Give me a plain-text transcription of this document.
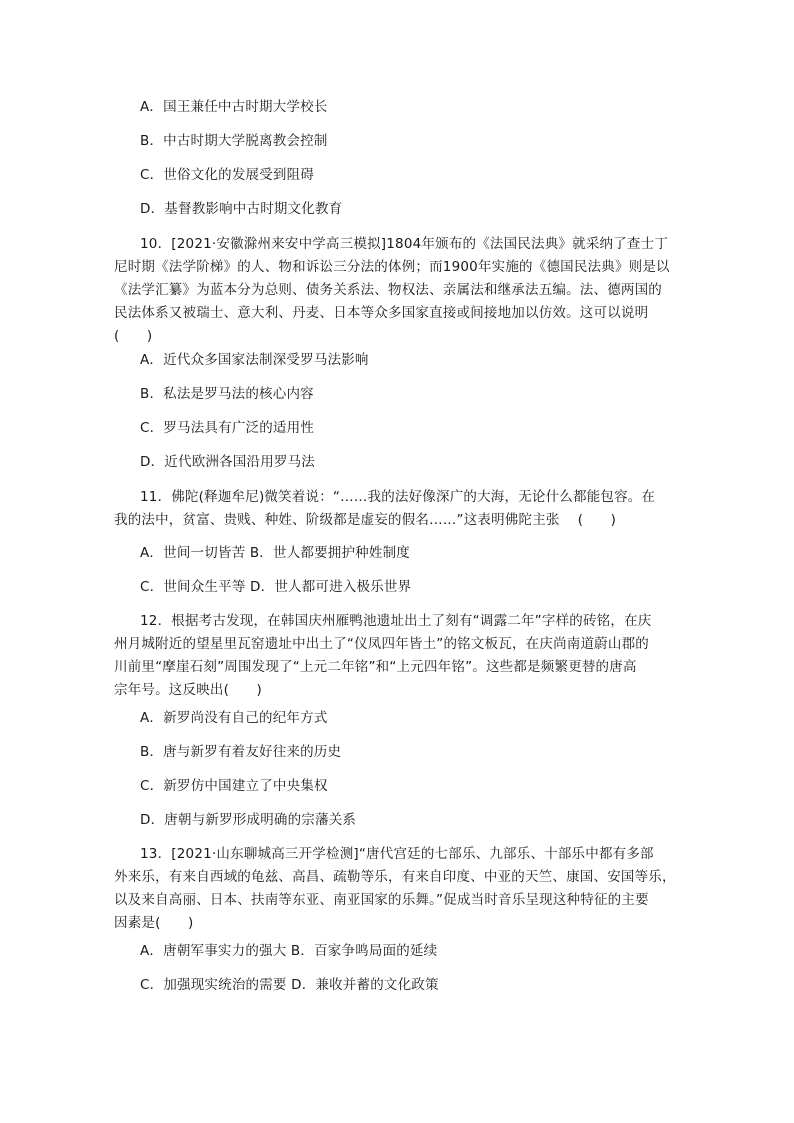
A．国王兼任中古时期大学校长
B．中古时期大学脱离教会控制
C．世俗文化的发展受到阻碍
D．基督教影响中古时期文化教育
10．[2021·安徽滁州来安中学高三模拟]1804年颁布的《法国民法典》就采纳了查士丁
尼时期《法学阶梯》的人、物和诉讼三分法的体例；而1900年实施的《德国民法典》则是以
《法学汇纂》为蓝本分为总则、债务关系法、物权法、亲属法和继承法五编。法、德两国的
民法体系又被瑞士、意大利、丹麦、日本等众多国家直接或间接地加以仿效。这可以说明
(　　)
A．近代众多国家法制深受罗马法影响
B．私法是罗马法的核心内容
C．罗马法具有广泛的适用性
D．近代欧洲各国沿用罗马法
11．佛陀(释迦牟尼)微笑着说：“……我的法好像深广的大海，无论什么都能包容。在
我的法中，贫富、贵贱、种姓、阶级都是虚妄的假名……”这表明佛陀主张　 (　　)
A．世间一切皆苦 B．世人都要拥护种姓制度
C．世间众生平等 D．世人都可进入极乐世界
12．根据考古发现，在韩国庆州雁鸭池遗址出土了刻有“调露二年”字样的砖铭，在庆
州月城附近的望星里瓦窑遗址中出土了“仪凤四年皆土”的铭文板瓦，在庆尚南道蔚山郡的
川前里“摩崖石刻”周围发现了“上元二年铭”和“上元四年铭”。这些都是频繁更替的唐高
宗年号。这反映出(　　)
A．新罗尚没有自己的纪年方式
B．唐与新罗有着友好往来的历史
C．新罗仿中国建立了中央集权
D．唐朝与新罗形成明确的宗藩关系
13．[2021·山东聊城高三开学检测]“唐代宫廷的七部乐、九部乐、十部乐中都有多部
外来乐，有来自西域的龟兹、高昌、疏勒等乐，有来自印度、中亚的天竺、康国、安国等乐，
以及来自高丽、日本、扶南等东亚、南亚国家的乐舞。”促成当时音乐呈现这种特征的主要
因素是(　　)
A．唐朝军事实力的强大 B．百家争鸣局面的延续
C．加强现实统治的需要 D．兼收并蓄的文化政策
